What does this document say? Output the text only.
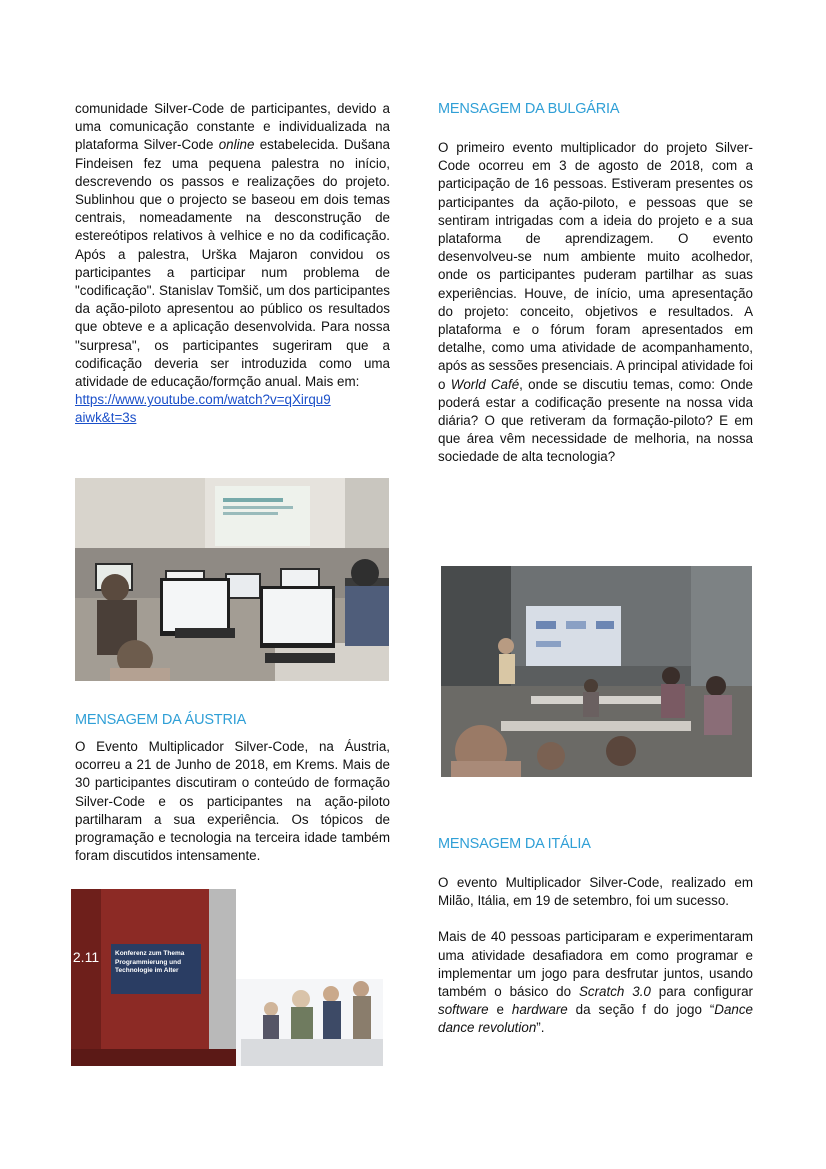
comunidade Silver-Code de participantes, devido a uma comunicação constante e individualizada na plataforma Silver-Code online estabelecida. Dušana Findeisen fez uma pequena palestra no início, descrevendo os passos e realizações do projeto. Sublinhou que o projecto se baseou em dois temas centrais, nomeadamente na desconstrução de estereótipos relativos à velhice e no da codificação. Após a palestra, Urška Majaron convidou os participantes a participar num problema de "codificação". Stanislav Tomšič, um dos participantes da ação-piloto apresentou ao público os resultados que obteve e a aplicação desenvolvida. Para nossa "surpresa", os participantes sugeriram que a codificação deveria ser introduzida como uma atividade de educação/formção anual. Mais em:

https://www.youtube.com/watch?v=qXirqu9
aiwk&t=3s
MENSAGEM DA ÁUSTRIA

O Evento Multiplicador Silver-Code, na Áustria, ocorreu a 21 de Junho de 2018, em Krems. Mais de 30 participantes discutiram o conteúdo de formação Silver-Code e os participantes na ação-piloto partilharam a sua experiência. Os tópicos de programação e tecnologia na terceira idade também foram discutidos intensamente.

2.11 Konferenz zum Thema
Programmierung und
Technologie im Alter
MENSAGEM DA BULGÁRIA

O primeiro evento multiplicador do projeto Silver-Code ocorreu em 3 de agosto de 2018, com a participação de 16 pessoas. Estiveram presentes os participantes da ação-piloto, e pessoas que se sentiram intrigadas com a ideia do projeto e a sua plataforma de aprendizagem. O evento desenvolveu-se num ambiente muito acolhedor, onde os participantes puderam partilhar as suas experiências. Houve, de início, uma apresentação do projeto: conceito, objetivos e resultados. A plataforma e o fórum foram apresentados em detalhe, como uma atividade de acompanhamento, após as sessões presenciais. A principal atividade foi o World Café, onde se discutiu temas, como: Onde poderá estar a codificação presente na nossa vida diária? O que retiveram da formação-piloto? E em que área vêm necessidade de melhoria, na nossa sociedade de alta tecnologia?

MENSAGEM DA ITÁLIA

O evento Multiplicador Silver-Code, realizado em Milão, Itália, em 19 de setembro, foi um sucesso.

Mais de 40 pessoas participaram e experimentaram uma atividade desafiadora em como programar e implementar um jogo para desfrutar juntos, usando também o básico do Scratch 3.0 para configurar software e hardware da seção f do jogo “Dance dance revolution”.
